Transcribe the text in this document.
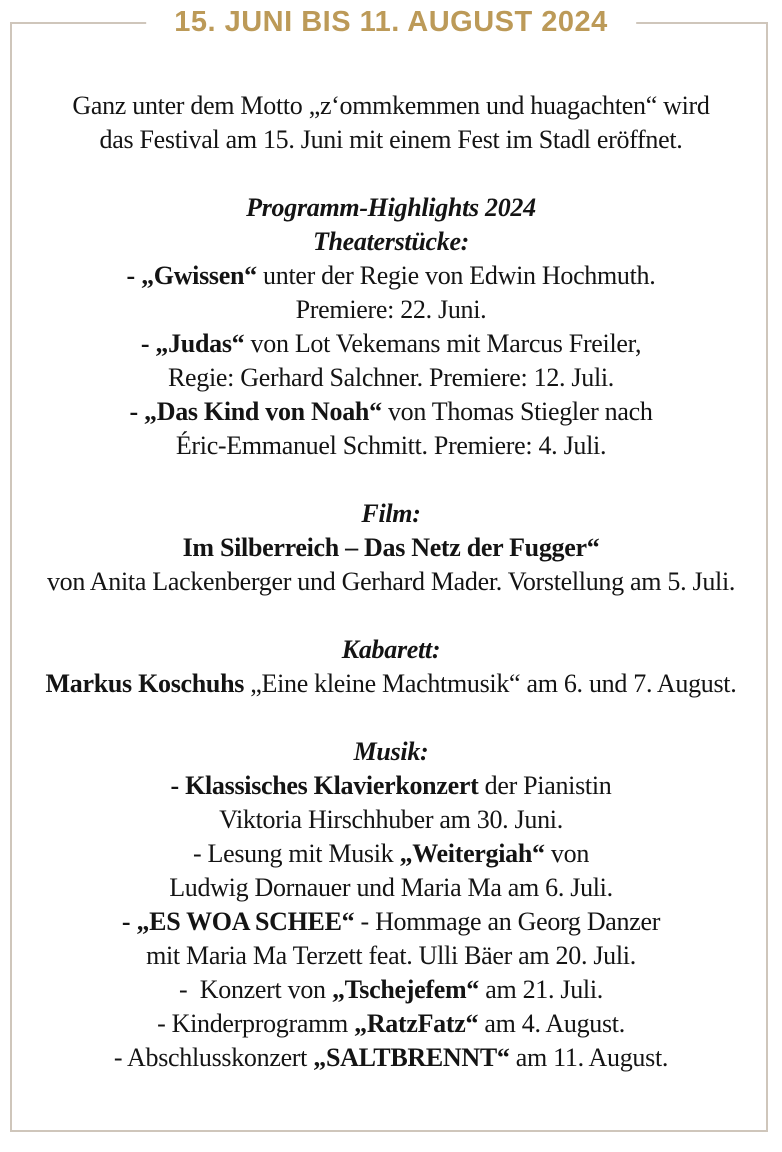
15. JUNI BIS 11. AUGUST 2024

Ganz unter dem Motto „z‘ommkemmen und huagachten“ wird
das Festival am 15. Juni mit einem Fest im Stadl eröffnet.

Programm-Highlights 2024
Theaterstücke:
- „Gwissen“ unter der Regie von Edwin Hochmuth.
Premiere: 22. Juni.
- „Judas“ von Lot Vekemans mit Marcus Freiler,
Regie: Gerhard Salchner. Premiere: 12. Juli.
- „Das Kind von Noah“ von Thomas Stiegler nach
Éric-Emmanuel Schmitt. Premiere: 4. Juli.

Film:
Im Silberreich – Das Netz der Fugger“
von Anita Lackenberger und Gerhard Mader. Vorstellung am 5. Juli.

Kabarett:
Markus Koschuhs „Eine kleine Machtmusik“ am 6. und 7. August.

Musik:
- Klassisches Klavierkonzert der Pianistin
Viktoria Hirschhuber am 30. Juni.
- Lesung mit Musik „Weitergiah“ von
Ludwig Dornauer und Maria Ma am 6. Juli.
- „ES WOA SCHEE“ - Hommage an Georg Danzer
mit Maria Ma Terzett feat. Ulli Bäer am 20. Juli.
-  Konzert von „Tschejefem“ am 21. Juli.
- Kinderprogramm „RatzFatz“ am 4. August.
- Abschlusskonzert „SALTBRENNT“ am 11. August.
